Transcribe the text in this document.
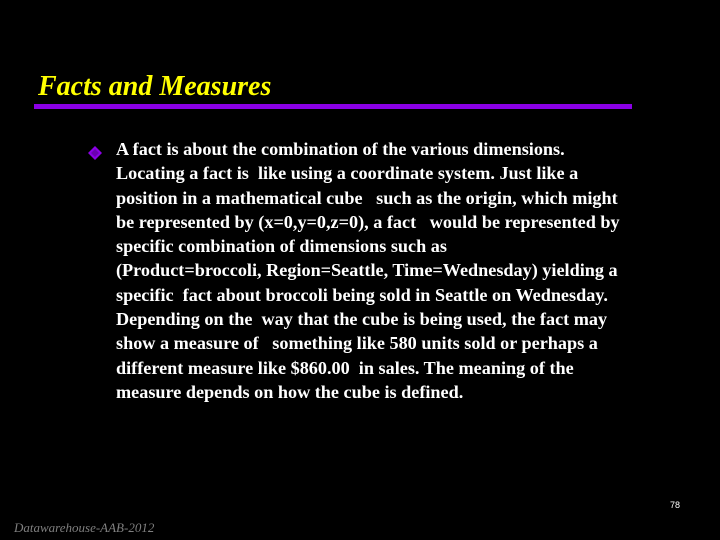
Facts and Measures

A fact is about the combination of the various dimensions.
Locating a fact is  like using a coordinate system. Just like a
position in a mathematical cube   such as the origin, which might
be represented by (x=0,y=0,z=0), a fact   would be represented by
specific combination of dimensions such as
(Product=broccoli, Region=Seattle, Time=Wednesday) yielding a
specific  fact about broccoli being sold in Seattle on Wednesday.
Depending on the  way that the cube is being used, the fact may
show a measure of   something like 580 units sold or perhaps a
different measure like $860.00  in sales. The meaning of the
measure depends on how the cube is defined.

78
Datawarehouse-AAB-2012
